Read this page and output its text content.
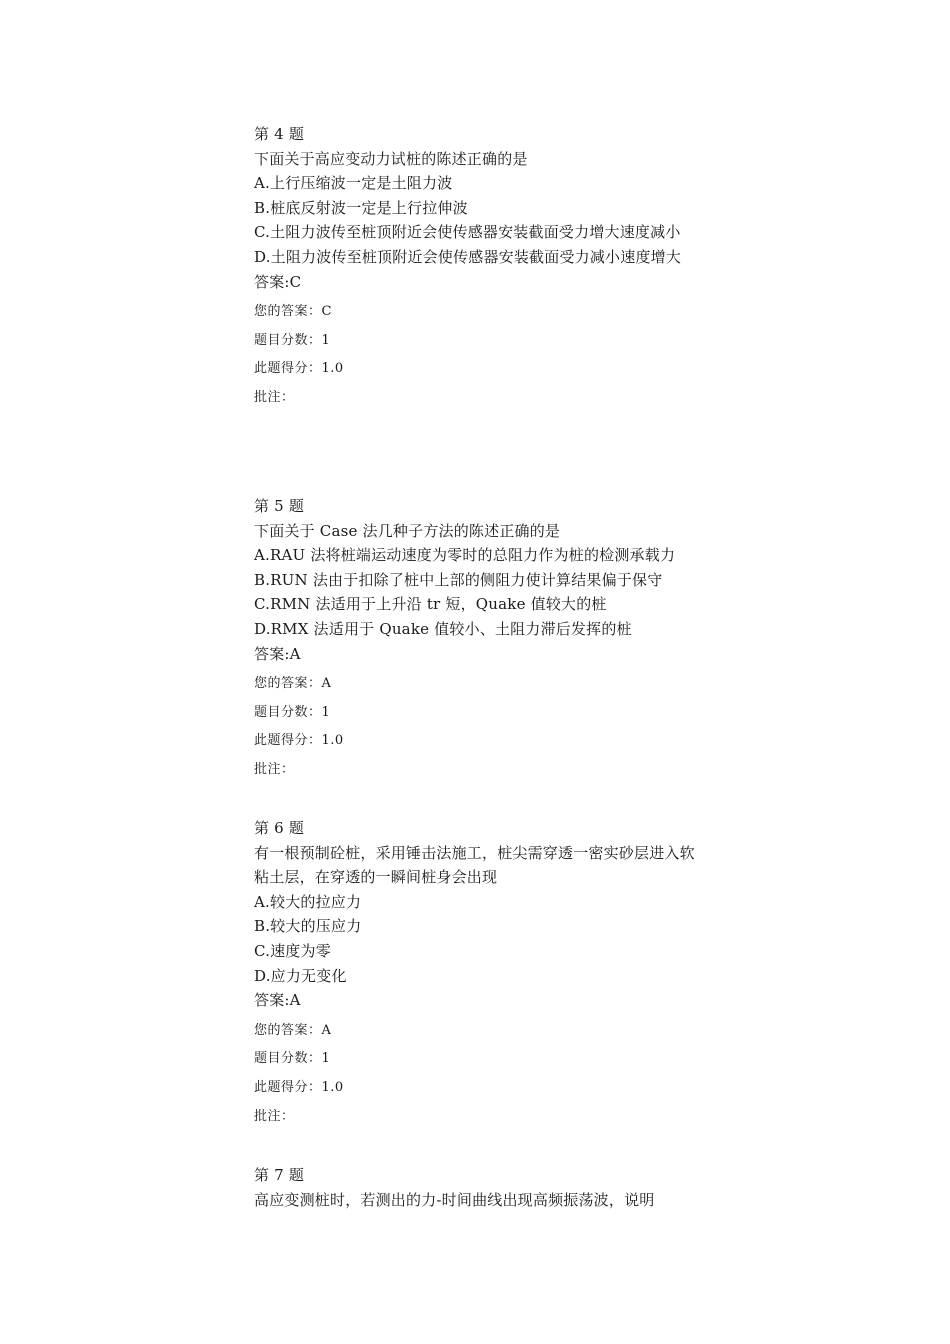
第 4 题
下面关于高应变动力试桩的陈述正确的是
A.上行压缩波一定是土阻力波
B.桩底反射波一定是上行拉伸波
C.土阻力波传至桩顶附近会使传感器安装截面受力增大速度减小
D.土阻力波传至桩顶附近会使传感器安装截面受力减小速度增大
答案:C
您的答案：C
题目分数：1
此题得分：1.0
批注：
第 5 题
下面关于 Case 法几种子方法的陈述正确的是
A.RAU 法将桩端运动速度为零时的总阻力作为桩的检测承载力
B.RUN 法由于扣除了桩中上部的侧阻力使计算结果偏于保守
C.RMN 法适用于上升沿 tr 短，Quake 值较大的桩
D.RMX 法适用于 Quake 值较小、土阻力滞后发挥的桩
答案:A
您的答案：A
题目分数：1
此题得分：1.0
批注：
第 6 题
有一根预制砼桩，采用锤击法施工，桩尖需穿透一密实砂层进入软粘土层，在穿透的一瞬间桩身会出现
A.较大的拉应力
B.较大的压应力
C.速度为零
D.应力无变化
答案:A
您的答案：A
题目分数：1
此题得分：1.0
批注：
第 7 题
高应变测桩时，若测出的力-时间曲线出现高频振荡波，说明
